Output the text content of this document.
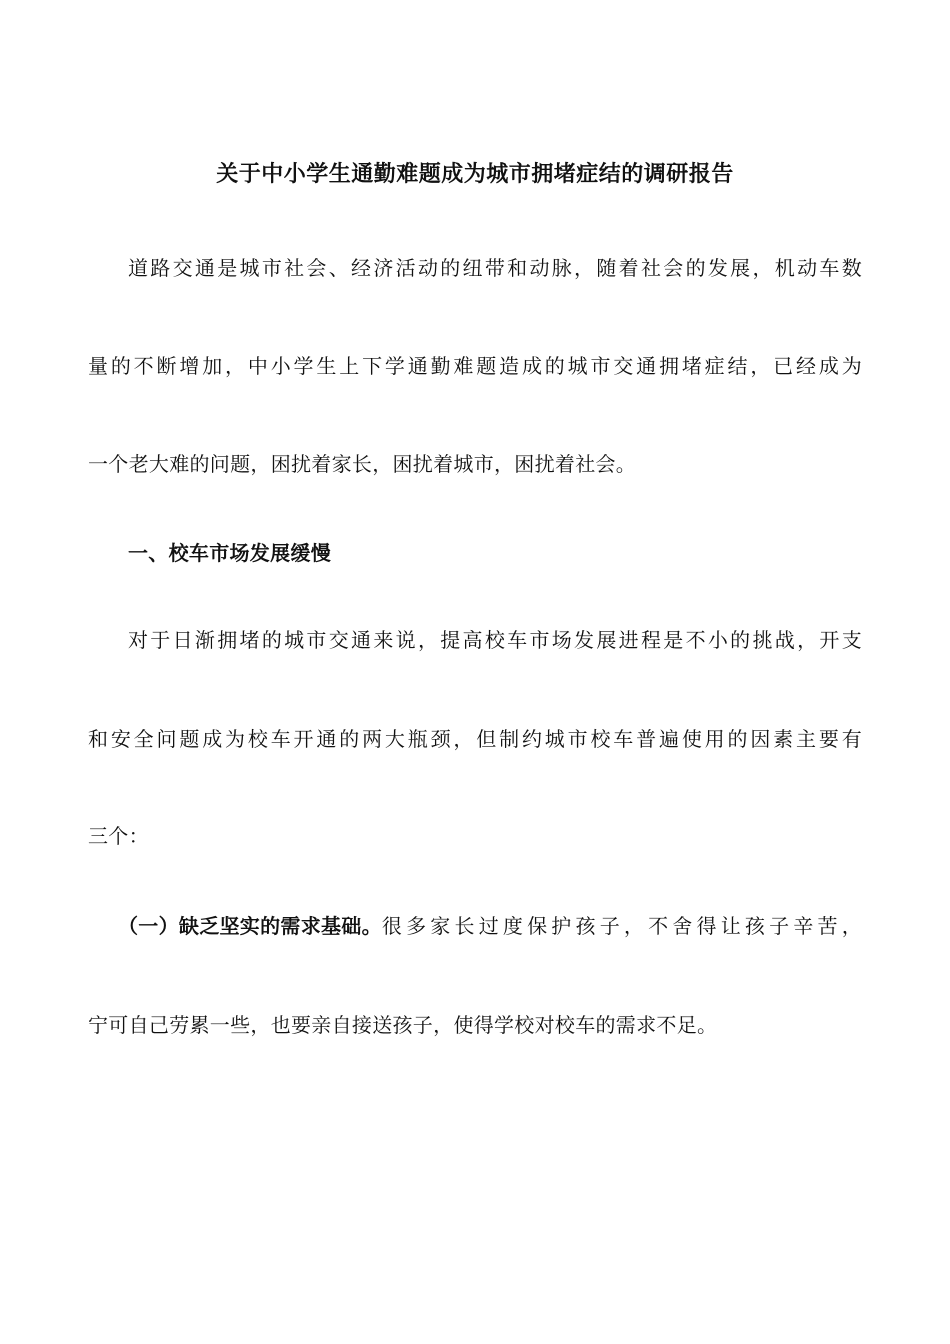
关于中小学生通勤难题成为城市拥堵症结的调研报告
道路交通是城市社会、经济活动的纽带和动脉，随着社会的发展，机动车数
量的不断增加，中小学生上下学通勤难题造成的城市交通拥堵症结，已经成为
一个老大难的问题，困扰着家长，困扰着城市，困扰着社会。
一、校车市场发展缓慢
对于日渐拥堵的城市交通来说，提高校车市场发展进程是不小的挑战，开支
和安全问题成为校车开通的两大瓶颈，但制约城市校车普遍使用的因素主要有
三个：
（一）缺乏坚实的需求基础。 很多家长过度保护孩子，不舍得让孩子辛苦，
宁可自己劳累一些，也要亲自接送孩子，使得学校对校车的需求不足。
